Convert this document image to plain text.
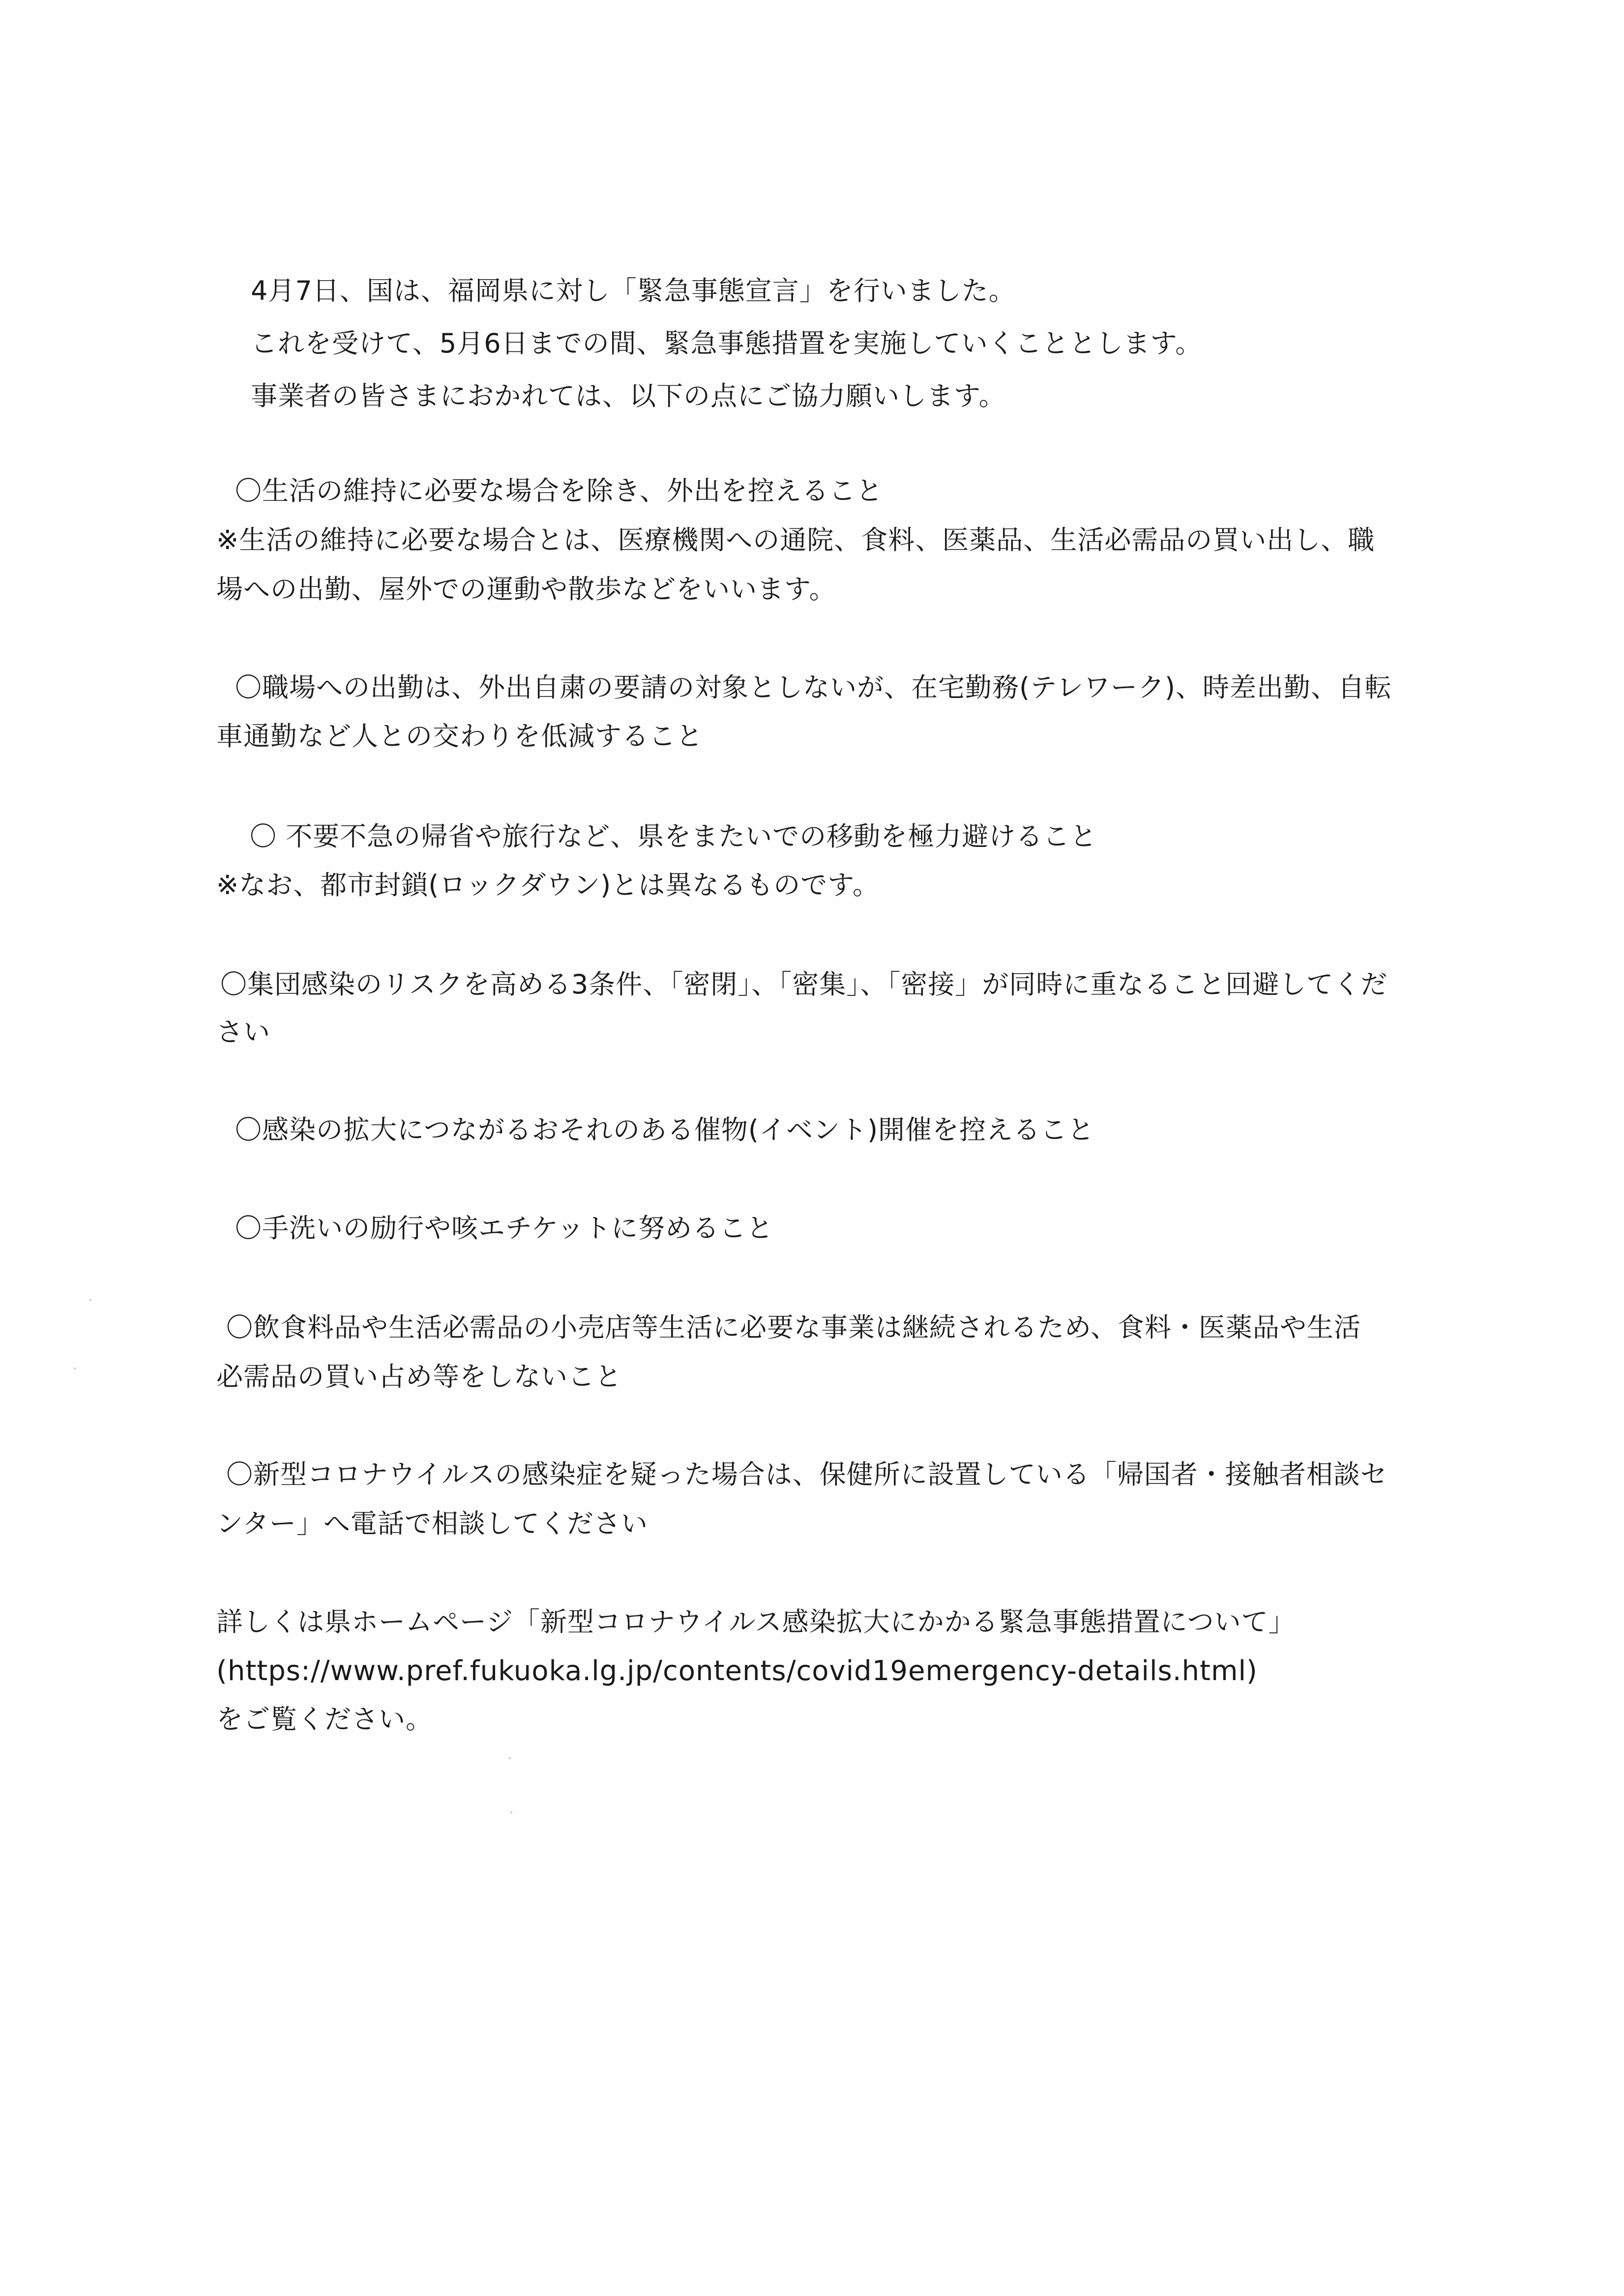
4月7日、国は、福岡県に対し「緊急事態宣言」を行いました。
これを受けて、5月6日までの間、緊急事態措置を実施していくこととします。
事業者の皆さまにおかれては、以下の点にご協力願いします。
〇生活の維持に必要な場合を除き、外出を控えること
※生活の維持に必要な場合とは、医療機関への通院、食料、医薬品、生活必需品の買い出し、職
場への出勤、屋外での運動や散歩などをいいます。
〇職場への出勤は、外出自粛の要請の対象としないが、在宅勤務(テレワーク)、時差出勤、自転
車通勤など人との交わりを低減すること
〇 不要不急の帰省や旅行など、県をまたいでの移動を極力避けること
※なお、都市封鎖(ロックダウン)とは異なるものです。
〇集団感染のリスクを高める3条件、「密閉」、「密集」、「密接」が同時に重なること回避してくだ
さい
〇感染の拡大につながるおそれのある催物(イベント)開催を控えること
〇手洗いの励行や咳エチケットに努めること
〇飲食料品や生活必需品の小売店等生活に必要な事業は継続されるため、食料・医薬品や生活
必需品の買い占め等をしないこと
〇新型コロナウイルスの感染症を疑った場合は、保健所に設置している「帰国者・接触者相談セ
ンター」へ電話で相談してください
詳しくは県ホームページ「新型コロナウイルス感染拡大にかかる緊急事態措置について」
(https://www.pref.fukuoka.lg.jp/contents/covid19emergency-details.html)
をご覧ください。
